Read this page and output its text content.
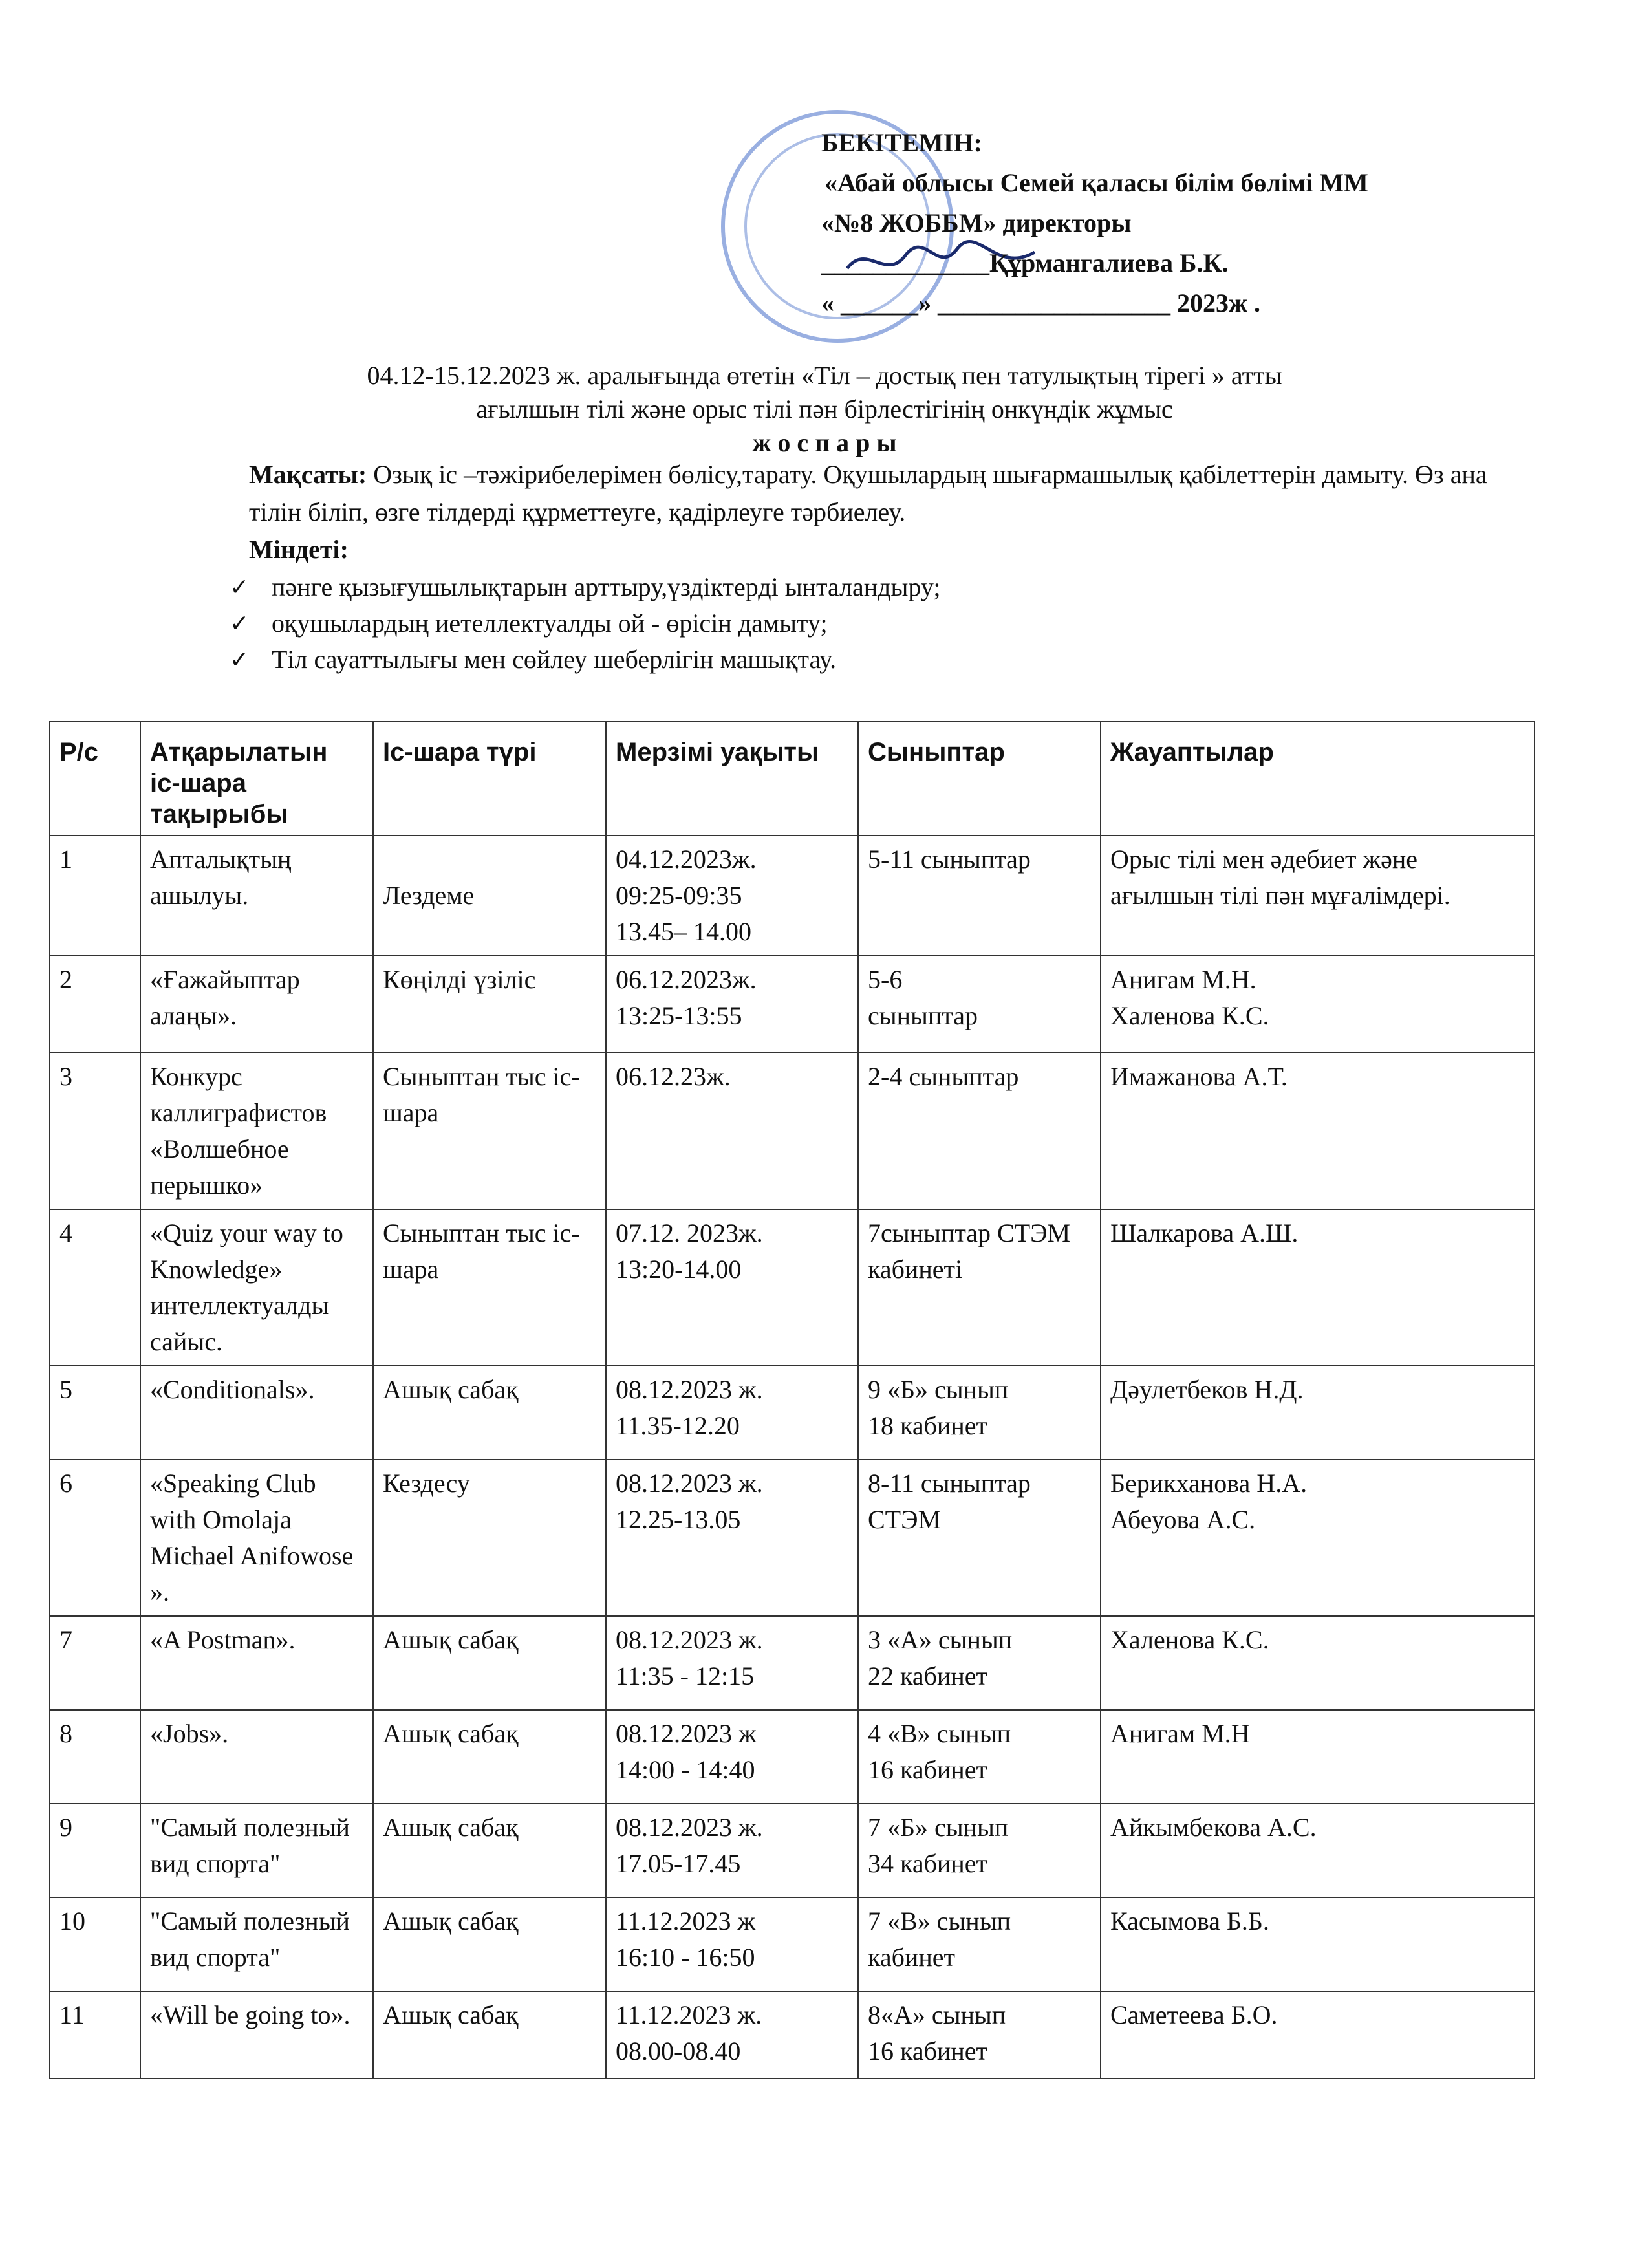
БЕКІТЕМІН:
«Абай облысы Семей қаласы білім бөлімі ММ
«№8 ЖОББМ» директоры
_____________Құрмангалиева Б.К.
« ______» __________________ 2023ж .
04.12-15.12.2023 ж. аралығында өтетін «Тіл – достық пен татулықтың тірегі » атты
ағылшын тілі және орыс тілі пән бірлестігінің онкүндік жұмыс
ж о с п а р ы
Мақсаты: Озық іс –тәжірибелерімен бөлісу,тарату. Оқушылардың шығармашылық қабілеттерін дамыту. Өз ана тілін біліп, өзге тілдерді құрметтеуге, қадірлеуге тәрбиелеу.
Міндеті:
✓ пәнге қызығушылықтарын арттыру,үздіктерді ынталандыру;
✓ оқушылардың иетеллектуалды ой - өрісін дамыту;
✓ Тіл сауаттылығы мен сөйлеу шеберлігін машықтау.
Р/с	Атқарылатын іс-шара тақырыбы	Іс-шара түрі	Мерзімі уақыты	Сыныптар	Жауаптылар

1	Апталықтың ашылуы.	
Лездеме	04.12.2023ж.
09:25-09:35
13.45– 14.00	5-11 сыныптар	Орыс тілі мен әдебиет және ағылшын тілі пән мұғалімдері.

2	«Ғажайыптар алаңы».	Көңілді үзіліс	06.12.2023ж.
13:25-13:55	5-6
сыныптар	Анигам М.Н.
Халенова К.С.

3	Конкурс каллиграфистов «Волшебное перышко»	Сыныптан тыс іс- шара	06.12.23ж.	2-4 сыныптар	Имажанова А.Т.

4	«Quiz your way to Knowledge» интеллектуалды сайыс.	Сыныптан тыс іс- шара	07.12. 2023ж.
13:20-14.00	7сыныптар СТЭМ кабинеті	Шалкарова А.Ш.

5	«Conditionals».	Ашық сабақ	08.12.2023 ж.
11.35-12.20	9 «Б» сынып
18 кабинет	Дәулетбеков Н.Д.

6	«Speaking Club with Omolaja Michael Anifowose ».	Кездесу	08.12.2023 ж.
12.25-13.05	8-11 сыныптар СТЭМ	Берикханова Н.А.
Абеуова А.С.

7	«A Postman».	Ашық сабақ	08.12.2023 ж.
11:35 - 12:15	3 «А» сынып
22 кабинет	Халенова К.С.

8	«Jobs».	Ашық сабақ	08.12.2023 ж
14:00 - 14:40	4 «В» сынып
16 кабинет	Анигам М.Н

9	"Самый полезный вид спорта"	Ашық сабақ	08.12.2023 ж.
17.05-17.45	7 «Б» сынып
34 кабинет	Айкымбекова А.С.

10	"Самый полезный вид спорта"	Ашық сабақ	11.12.2023 ж
16:10 - 16:50	7 «В» сынып
кабинет	Касымова Б.Б.

11	«Will be going to».	Ашық сабақ	11.12.2023 ж.
08.00-08.40	8«А» сынып
16 кабинет	Саметеева Б.О.
